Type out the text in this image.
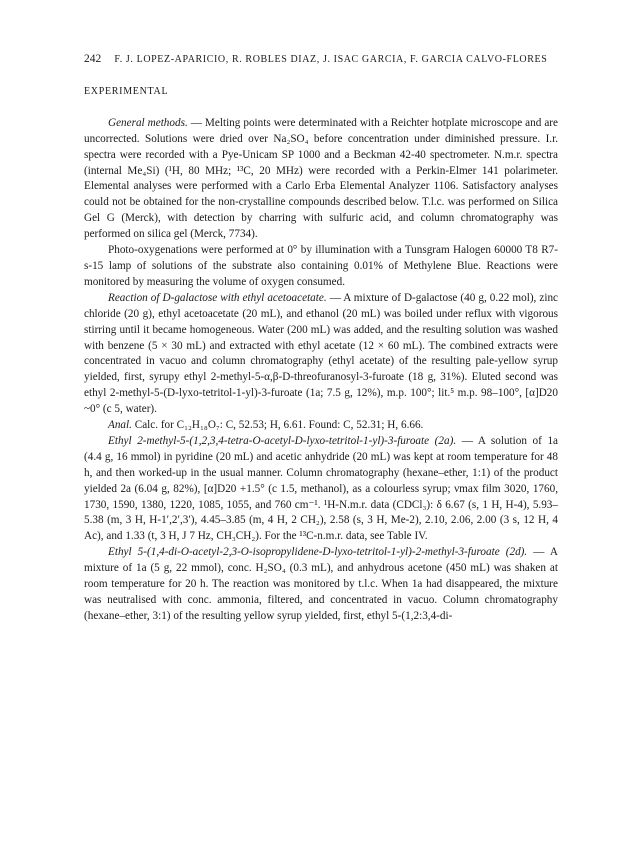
242 F. J. LOPEZ-APARICIO, R. ROBLES DIAZ, J. ISAC GARCIA, F. GARCIA CALVO-FLORES
EXPERIMENTAL

General methods. — Melting points were determinated with a Reichter hotplate microscope and are uncorrected. Solutions were dried over Na₂SO₄ before concentration under diminished pressure. I.r. spectra were recorded with a Pye-Unicam SP 1000 and a Beckman 42-40 spectrometer. N.m.r. spectra (internal Me₄Si) (¹H, 80 MHz; ¹³C, 20 MHz) were recorded with a Perkin-Elmer 141 polarimeter. Elemental analyses were performed with a Carlo Erba Elemental Analyzer 1106. Satisfactory analyses could not be obtained for the non-crystalline compounds described below. T.l.c. was performed on Silica Gel G (Merck), with detection by charring with sulfuric acid, and column chromatography was performed on silica gel (Merck, 7734).

Photo-oxygenations were performed at 0° by illumination with a Tunsgram Halogen 60000 T8 R7-s-15 lamp of solutions of the substrate also containing 0.01% of Methylene Blue. Reactions were monitored by measuring the volume of oxygen consumed.

Reaction of D-galactose with ethyl acetoacetate. — A mixture of D-galactose (40 g, 0.22 mol), zinc chloride (20 g), ethyl acetoacetate (20 mL), and ethanol (20 mL) was boiled under reflux with vigorous stirring until it became homogeneous. Water (200 mL) was added, and the resulting solution was washed with benzene (5 × 30 mL) and extracted with ethyl acetate (12 × 60 mL). The combined extracts were concentrated in vacuo and column chromatography (ethyl acetate) of the resulting pale-yellow syrup yielded, first, syrupy ethyl 2-methyl-5-α,β-D-threofuranosyl-3-furoate (18 g, 31%). Eluted second was ethyl 2-methyl-5-(D-lyxo-tetritol-1-yl)-3-furoate (1a; 7.5 g, 12%), m.p. 100°; lit.⁵ m.p. 98–100°, [α]D20 ~0° (c 5, water).

Anal. Calc. for C₁₂H₁₈O₇: C, 52.53; H, 6.61. Found: C, 52.31; H, 6.66.

Ethyl 2-methyl-5-(1,2,3,4-tetra-O-acetyl-D-lyxo-tetritol-1-yl)-3-furoate (2a). — A solution of 1a (4.4 g, 16 mmol) in pyridine (20 mL) and acetic anhydride (20 mL) was kept at room temperature for 48 h, and then worked-up in the usual manner. Column chromatography (hexane–ether, 1:1) of the product yielded 2a (6.04 g, 82%), [α]D20 +1.5° (c 1.5, methanol), as a colourless syrup; νmax film 3020, 1760, 1730, 1590, 1380, 1220, 1085, 1055, and 760 cm⁻¹. ¹H-N.m.r. data (CDCl₃): δ 6.67 (s, 1 H, H-4), 5.93–5.38 (m, 3 H, H-1′,2′,3′), 4.45–3.85 (m, 4 H, 2 CH₂), 2.58 (s, 3 H, Me-2), 2.10, 2.06, 2.00 (3 s, 12 H, 4 Ac), and 1.33 (t, 3 H, J 7 Hz, CH₃CH₂). For the ¹³C-n.m.r. data, see Table IV.

Ethyl 5-(1,4-di-O-acetyl-2,3-O-isopropylidene-D-lyxo-tetritol-1-yl)-2-methyl-3-furoate (2d). — A mixture of 1a (5 g, 22 mmol), conc. H₂SO₄ (0.3 mL), and anhydrous acetone (450 mL) was shaken at room temperature for 20 h. The reaction was monitored by t.l.c. When 1a had disappeared, the mixture was neutralised with conc. ammonia, filtered, and concentrated in vacuo. Column chromatography (hexane–ether, 3:1) of the resulting yellow syrup yielded, first, ethyl 5-(1,2:3,4-di-
